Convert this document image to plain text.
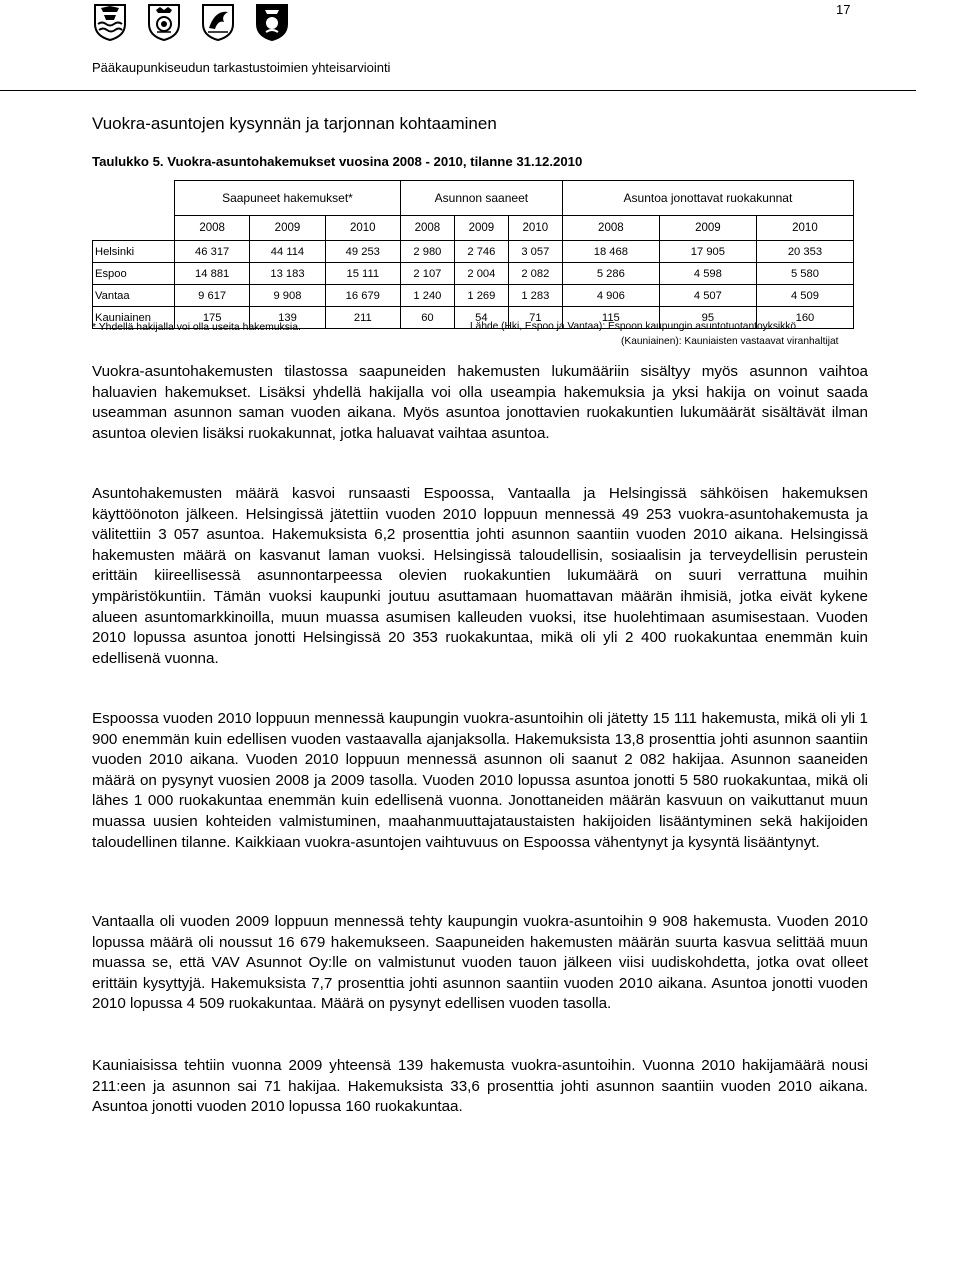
17
Pääkaupunkiseudun tarkastustoimien yhteisarviointi
Vuokra-asuntojen kysynnän ja tarjonnan kohtaaminen
Taulukko 5. Vuokra-asuntohakemukset vuosina 2008 - 2010, tilanne 31.12.2010
	Saapuneet hakemukset*			Asunnon saaneet			Asuntoa jonottavat ruokakunnat		
	2008	2009	2010	2008	2009	2010	2008	2009	2010
Helsinki	46 317	44 114	49 253	2 980	2 746	3 057	18 468	17 905	20 353
Espoo	14 881	13 183	15 111	2 107	2 004	2 082	5 286	4 598	5 580
Vantaa	9 617	9 908	16 679	1 240	1 269	1 283	4 906	4 507	4 509
Kauniainen	175	139	211	60	54	71	115	95	160
* Yhdellä hakijalla voi olla useita hakemuksia.	Lähde (Hki, Espoo ja Vantaa): Espoon kaupungin asuntotuotantoyksikkö
(Kauniainen): Kauniaisten vastaavat viranhaltijat

Vuokra-asuntohakemusten tilastossa saapuneiden hakemusten lukumääriin sisältyy myös asunnon vaihtoa haluavien hakemukset. Lisäksi yhdellä hakijalla voi olla useampia hakemuksia ja yksi hakija on voinut saada useamman asunnon saman vuoden aikana. Myös asuntoa jonottavien ruokakuntien lukumäärät sisältävät ilman asuntoa olevien lisäksi ruokakunnat, jotka haluavat vaihtaa asuntoa.

Asuntohakemusten määrä kasvoi runsaasti Espoossa, Vantaalla ja Helsingissä sähköisen hakemuksen käyttöönoton jälkeen. Helsingissä jätettiin vuoden 2010 loppuun mennessä 49 253 vuokra-asuntohakemusta ja välitettiin 3 057 asuntoa. Hakemuksista 6,2 prosenttia johti asunnon saantiin vuoden 2010 aikana. Helsingissä hakemusten määrä on kasvanut laman vuoksi. Helsingissä taloudellisin, sosiaalisin ja terveydellisin perustein erittäin kiireellisessä asunnontarpeessa olevien ruokakuntien lukumäärä on suuri verrattuna muihin ympäristökuntiin. Tämän vuoksi kaupunki joutuu asuttamaan huomattavan määrän ihmisiä, jotka eivät kykene alueen asuntomarkkinoilla, muun muassa asumisen kalleuden vuoksi, itse huolehtimaan asumisestaan. Vuoden 2010 lopussa asuntoa jonotti Helsingissä 20 353 ruokakuntaa, mikä oli yli 2 400 ruokakuntaa enemmän kuin edellisenä vuonna.

Espoossa vuoden 2010 loppuun mennessä kaupungin vuokra-asuntoihin oli jätetty 15 111 hakemusta, mikä oli yli 1 900 enemmän kuin edellisen vuoden vastaavalla ajanjaksolla. Hakemuksista 13,8 prosenttia johti asunnon saantiin vuoden 2010 aikana. Vuoden 2010 loppuun mennessä asunnon oli saanut 2 082 hakijaa. Asunnon saaneiden määrä on pysynyt vuosien 2008 ja 2009 tasolla. Vuoden 2010 lopussa asuntoa jonotti 5 580 ruokakuntaa, mikä oli lähes 1 000 ruokakuntaa enemmän kuin edellisenä vuonna. Jonottaneiden määrän kasvuun on vaikuttanut muun muassa uusien kohteiden valmistuminen, maahanmuuttajataustaisten hakijoiden lisääntyminen sekä hakijoiden taloudellinen tilanne. Kaikkiaan vuokra-asuntojen vaihtuvuus on Espoossa vähentynyt ja kysyntä lisääntynyt.

Vantaalla oli vuoden 2009 loppuun mennessä tehty kaupungin vuokra-asuntoihin 9 908 hakemusta. Vuoden 2010 lopussa määrä oli noussut 16 679 hakemukseen. Saapuneiden hakemusten määrän suurta kasvua selittää muun muassa se, että VAV Asunnot Oy:lle on valmistunut vuoden tauon jälkeen viisi uudiskohdetta, jotka ovat olleet erittäin kysyttyjä. Hakemuksista 7,7 prosenttia johti asunnon saantiin vuoden 2010 aikana. Asuntoa jonotti vuoden 2010 lopussa 4 509 ruokakuntaa. Määrä on pysynyt edellisen vuoden tasolla.

Kauniaisissa tehtiin vuonna 2009 yhteensä 139 hakemusta vuokra-asuntoihin. Vuonna 2010 hakijamäärä nousi 211:een ja asunnon sai 71 hakijaa. Hakemuksista 33,6 prosenttia johti asunnon saantiin vuoden 2010 aikana. Asuntoa jonotti vuoden 2010 lopussa 160 ruokakuntaa.
